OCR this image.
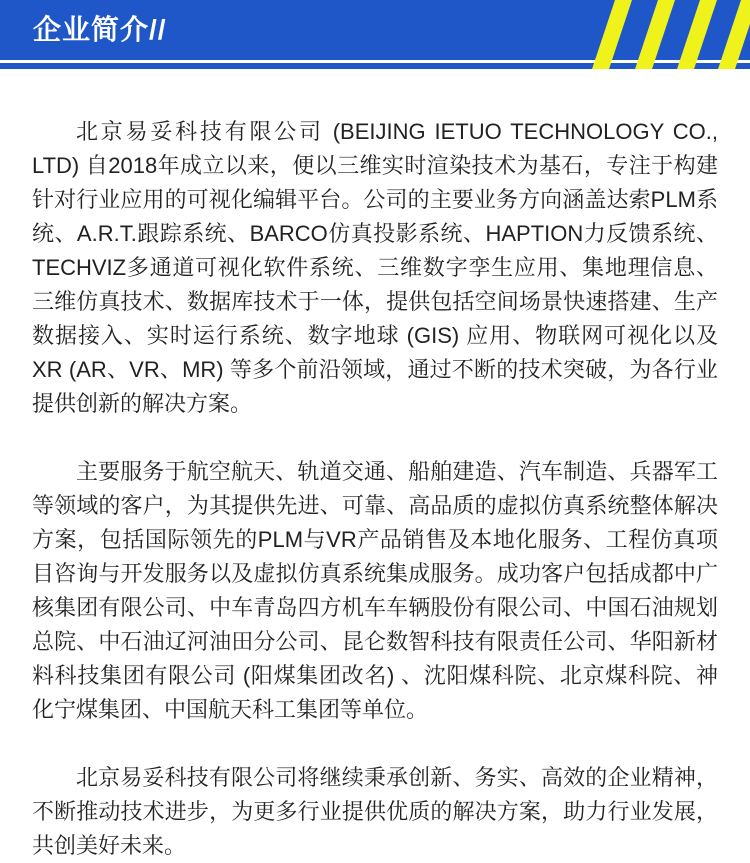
企业简介//

北京易妥科技有限公司 (BEIJING IETUO TECHNOLOGY CO., LTD) 自2018年成立以来，便以三维实时渲染技术为基石，专注于构建针对行业应用的可视化编辑平台。公司的主要业务方向涵盖达索PLM系统、A.R.T.跟踪系统、BARCO仿真投影系统、HAPTION力反馈系统、TECHVIZ多通道可视化软件系统、三维数字孪生应用、集地理信息、三维仿真技术、数据库技术于一体，提供包括空间场景快速搭建、生产数据接入、实时运行系统、数字地球 (GIS) 应用、物联网可视化以及XR (AR、VR、MR) 等多个前沿领域，通过不断的技术突破，为各行业提供创新的解决方案。

主要服务于航空航天、轨道交通、船舶建造、汽车制造、兵器军工等领域的客户，为其提供先进、可靠、高品质的虚拟仿真系统整体解决方案，包括国际领先的PLM与VR产品销售及本地化服务、工程仿真项目咨询与开发服务以及虚拟仿真系统集成服务。成功客户包括成都中广核集团有限公司、中车青岛四方机车车辆股份有限公司、中国石油规划总院、中石油辽河油田分公司、昆仑数智科技有限责任公司、华阳新材料科技集团有限公司 (阳煤集团改名) 、沈阳煤科院、北京煤科院、神化宁煤集团、中国航天科工集团等单位。

北京易妥科技有限公司将继续秉承创新、务实、高效的企业精神，不断推动技术进步，为更多行业提供优质的解决方案，助力行业发展，共创美好未来。
